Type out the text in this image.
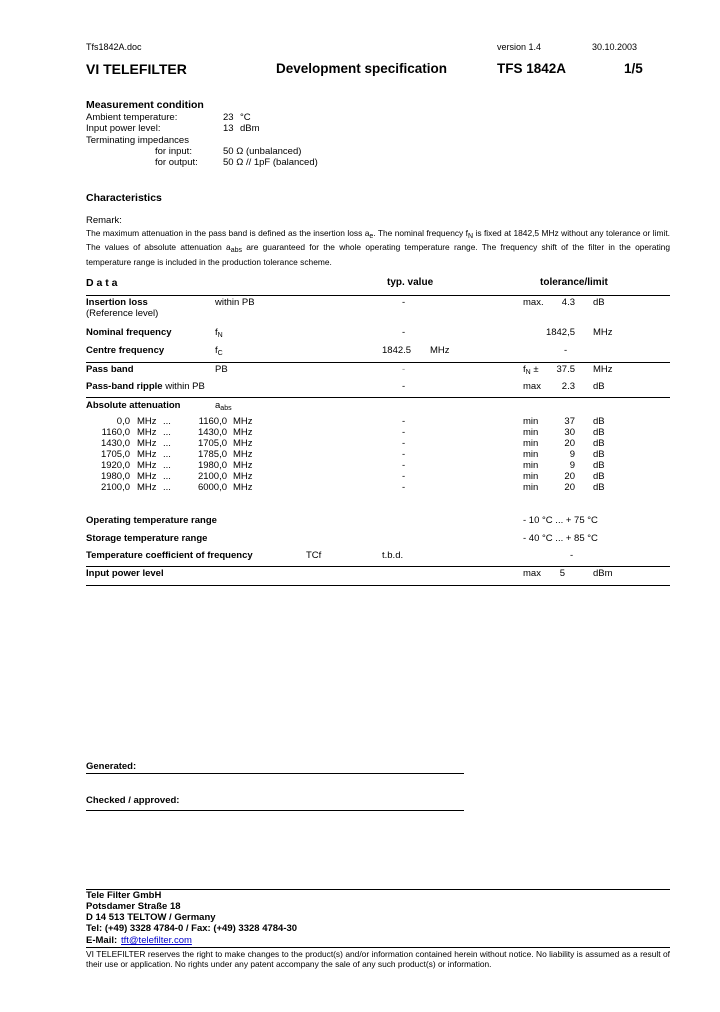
Tfs1842A.doc	version 1.4	30.10.2003
VI TELEFILTER	Development specification	TFS 1842A	1/5
Measurement condition
Ambient temperature:	23 °C
Input power level:	13 dBm
Terminating impedances
for input:	50 Ω (unbalanced)
for output:	50 Ω // 1pF (balanced)
Characteristics
Remark:
The maximum attenuation in the pass band is defined as the insertion loss $a_e$. The nominal frequency $f_N$ is fixed at 1842,5 MHz without any tolerance or limit. The values of absolute attenuation $a_{abs}$ are guaranteed for the whole operating temperature range. The frequency shift of the filter in the operating temperature range is included in the production tolerance scheme.
D a t a	typ. value	tolerance/limit
Insertion loss
(Reference level)
within PB	-	max.	4.3 dB
Nominal frequency	$f_N$	-	1842,5 MHz
Centre frequency	$f_C$	1842.5 MHz	-
Pass band	PB	-	$f_N$ ±	37.5 MHz
Pass-band ripple within PB	-	max	2.3 dB
Absolute attenuation	$a_{abs}$
0,0 MHz ...	1160,0 MHz	-	min	37 dB
1160,0 MHz ...	1430,0 MHz	-	min	30 dB
1430,0 MHz ...	1705,0 MHz	-	min	20 dB
1705,0 MHz ...	1785,0 MHz	-	min	9 dB
1920,0 MHz ...	1980,0 MHz	-	min	9 dB
1980,0 MHz ...	2100,0 MHz	-	min	20 dB
2100,0 MHz ...	6000,0 MHz	-	min	20 dB
Operating temperature range	- 10 °C ... + 75 °C
Storage temperature range	- 40 °C ... + 85 °C
Temperature coefficient of frequency	TCf	t.b.d.	-
Input power level	max	5	dBm
Generated:
Checked / approved:
Tele Filter GmbH
Potsdamer Straße 18
D 14 513 TELTOW / Germany
Tel: (+49) 3328 4784-0 / Fax: (+49) 3328 4784-30
E-Mail: tft@telefilter.com
VI TELEFILTER reserves the right to make changes to the product(s) and/or information contained herein without notice. No liability is assumed as a result of their use or application. No rights under any patent accompany the sale of any such product(s) or information.
